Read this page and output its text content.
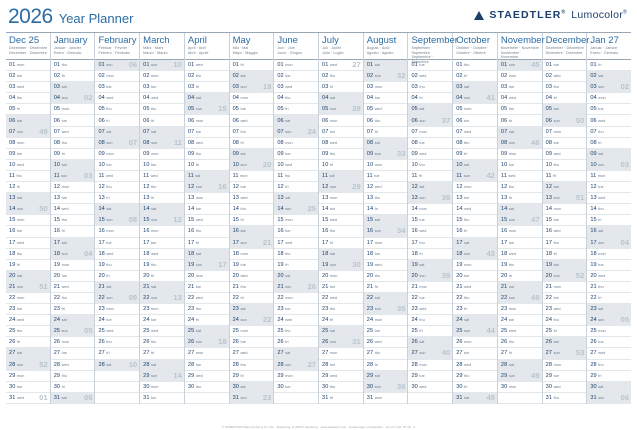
2026 Year Planner	STAEDTLER® Lumocolor®
Dec 25
Dezember · Décembre
December · Diciembre
01 mon
02 tue
03 wed
04 thu
05 fri
06 sat
07 sun 49
08 mon
09 tue
10 wed
11 thu
12 fri
13 sat
14 sun 50
15 mon
16 tue
17 wed
18 thu
19 fri
20 sat
21 sun 51
22 mon
23 tue
24 wed
25 thu
26 fri
27 sat
28 sun 52
29 mon
30 tue
31 wed 01
January
Januar · Janvier
Enero · Gennaio
01 thu
02 fri
03 sat
04 sun 02
05 mon
06 tue
07 wed
08 thu
09 fri
10 sat
11 sun 03
12 mon
13 tue
14 wed
15 thu
16 fri
17 sat
18 sun 04
19 mon
20 tue
21 wed
22 thu
23 fri
24 sat
25 sun 05
26 mon
27 tue
28 wed
29 thu
30 fri
31 sat 06
February
Februar · Février
Febrero · Febbraio
01 sun 06
02 mon
03 tue
04 wed
05 thu
06 fri
07 sat
08 sun 07
09 mon
10 tue
11 wed
12 thu
13 fri
14 sat
15 sun 08
16 mon
17 tue
18 wed
19 thu
20 fri
21 sat
22 sun 09
23 mon
24 tue
25 wed
26 thu
27 fri
28 sat 10
March
März · Mars
Marzo · Marzo
01 sun 10
02 mon
03 tue
04 wed
05 thu
06 fri
07 sat
08 sun 11
09 mon
10 tue
11 wed
12 thu
13 fri
14 sat
15 sun 12
16 mon
17 tue
18 wed
19 thu
20 fri
21 sat
22 sun 13
23 mon
24 tue
25 wed
26 thu
27 fri
28 sat
29 sun 14
30 mon
31 tue
April
April · Avril
Abril · Aprile
01 wed
02 thu
03 fri
04 sat
05 sun 15
06 mon
07 tue
08 wed
09 thu
10 fri
11 sat
12 sun 16
13 mon
14 tue
15 wed
16 thu
17 fri
18 sat
19 sun 17
20 mon
21 tue
22 wed
23 thu
24 fri
25 sat
26 sun 18
27 mon
28 tue
29 wed
30 thu
May
Mai · Mai
Mayo · Maggio
01 fri
02 sat
03 sun 19
04 mon
05 tue
06 wed
07 thu
08 fri
09 sat
10 sun 20
11 mon
12 tue
13 wed
14 thu
15 fri
16 sat
17 sun 21
18 mon
19 tue
20 wed
21 thu
22 fri
23 sat
24 sun 22
25 mon
26 tue
27 wed
28 thu
29 fri
30 sat
31 sun 23
June
Juni · Juin
Junio · Giugno
01 mon
02 tue
03 wed
04 thu
05 fri
06 sat
07 sun 24
08 mon
09 tue
10 wed
11 thu
12 fri
13 sat
14 sun 25
15 mon
16 tue
17 wed
18 thu
19 fri
20 sat
21 sun 26
22 mon
23 tue
24 wed
25 thu
26 fri
27 sat
28 sun 27
29 mon
30 tue
July
Juli · Juillet
Julio · Luglio
01 wed 27
02 thu
03 fri
04 sat
05 sun 28
06 mon
07 tue
08 wed
09 thu
10 fri
11 sat
12 sun 29
13 mon
14 tue
15 wed
16 thu
17 fri
18 sat
19 sun 30
20 mon
21 tue
22 wed
23 thu
24 fri
25 sat
26 sun 31
27 mon
28 tue
29 wed
30 thu
31 fri
August
August · Août
Agosto · Agosto
01 sat
02 sun 32
03 mon
04 tue
05 wed
06 thu
07 fri
08 sat
09 sun 33
10 mon
11 tue
12 wed
13 thu
14 fri
15 sat
16 sun 34
17 mon
18 tue
19 wed
20 thu
21 fri
22 sat
23 sun 35
24 mon
25 tue
26 wed
27 thu
28 fri
29 sat
30 sun 36
31 mon
September
September · Septembre
Septiembre · Settembre
01 tue
02 wed
03 thu
04 fri
05 sat
06 sun 37
07 mon
08 tue
09 wed
10 thu
11 fri
12 sat
13 sun 38
14 mon
15 tue
16 wed
17 thu
18 fri
19 sat
20 sun 39
21 mon
22 tue
23 wed
24 thu
25 fri
26 sat
27 sun 40
28 mon
29 tue
30 wed
October
Oktober · Octobre
Octubre · Ottobre
01 thu
02 fri
03 sat
04 sun 41
05 mon
06 tue
07 wed
08 thu
09 fri
10 sat
11 sun 42
12 mon
13 tue
14 wed
15 thu
16 fri
17 sat
18 sun 43
19 mon
20 tue
21 wed
22 thu
23 fri
24 sat
25 sun 44
26 mon
27 tue
28 wed
29 thu
30 fri
31 sat 45
November
November · Novembre
Noviembre · Novembre
01 sun 45
02 mon
03 tue
04 wed
05 thu
06 fri
07 sat
08 sun 46
09 mon
10 tue
11 wed
12 thu
13 fri
14 sat
15 sun 47
16 mon
17 tue
18 wed
19 thu
20 fri
21 sat
22 sun 48
23 mon
24 tue
25 wed
26 thu
27 fri
28 sat
29 sun 49
30 mon
December
Dezember · Décembre
Diciembre · Dicembre
01 tue
02 wed
03 thu
04 fri
05 sat
06 sun 50
07 mon
08 tue
09 wed
10 thu
11 fri
12 sat
13 sun 51
14 mon
15 tue
16 wed
17 thu
18 fri
19 sat
20 sun 52
21 mon
22 tue
23 wed
24 thu
25 fri
26 sat
27 sun 53
28 mon
29 tue
30 wed
31 thu
Jan 27
Januar · Janvier
Enero · Gennaio
01 fri
02 sat
03 sun 02
04 mon
05 tue
06 wed
07 thu
08 fri
09 sat
10 sun 03
11 mon
12 tue
13 wed
14 thu
15 fri
16 sat
17 sun 04
18 mon
19 tue
20 wed
21 thu
22 fri
23 sat
24 sun 05
25 mon
26 tue
27 wed
28 thu
29 fri
30 sat
31 sun 06
© STAEDTLER Mars GmbH & Co. KG · Marketing, D-90427 Nürnberg · www.staedtler.com · Änderungen vorbehalten · Art. Nr. 641 YP 26 · 2
